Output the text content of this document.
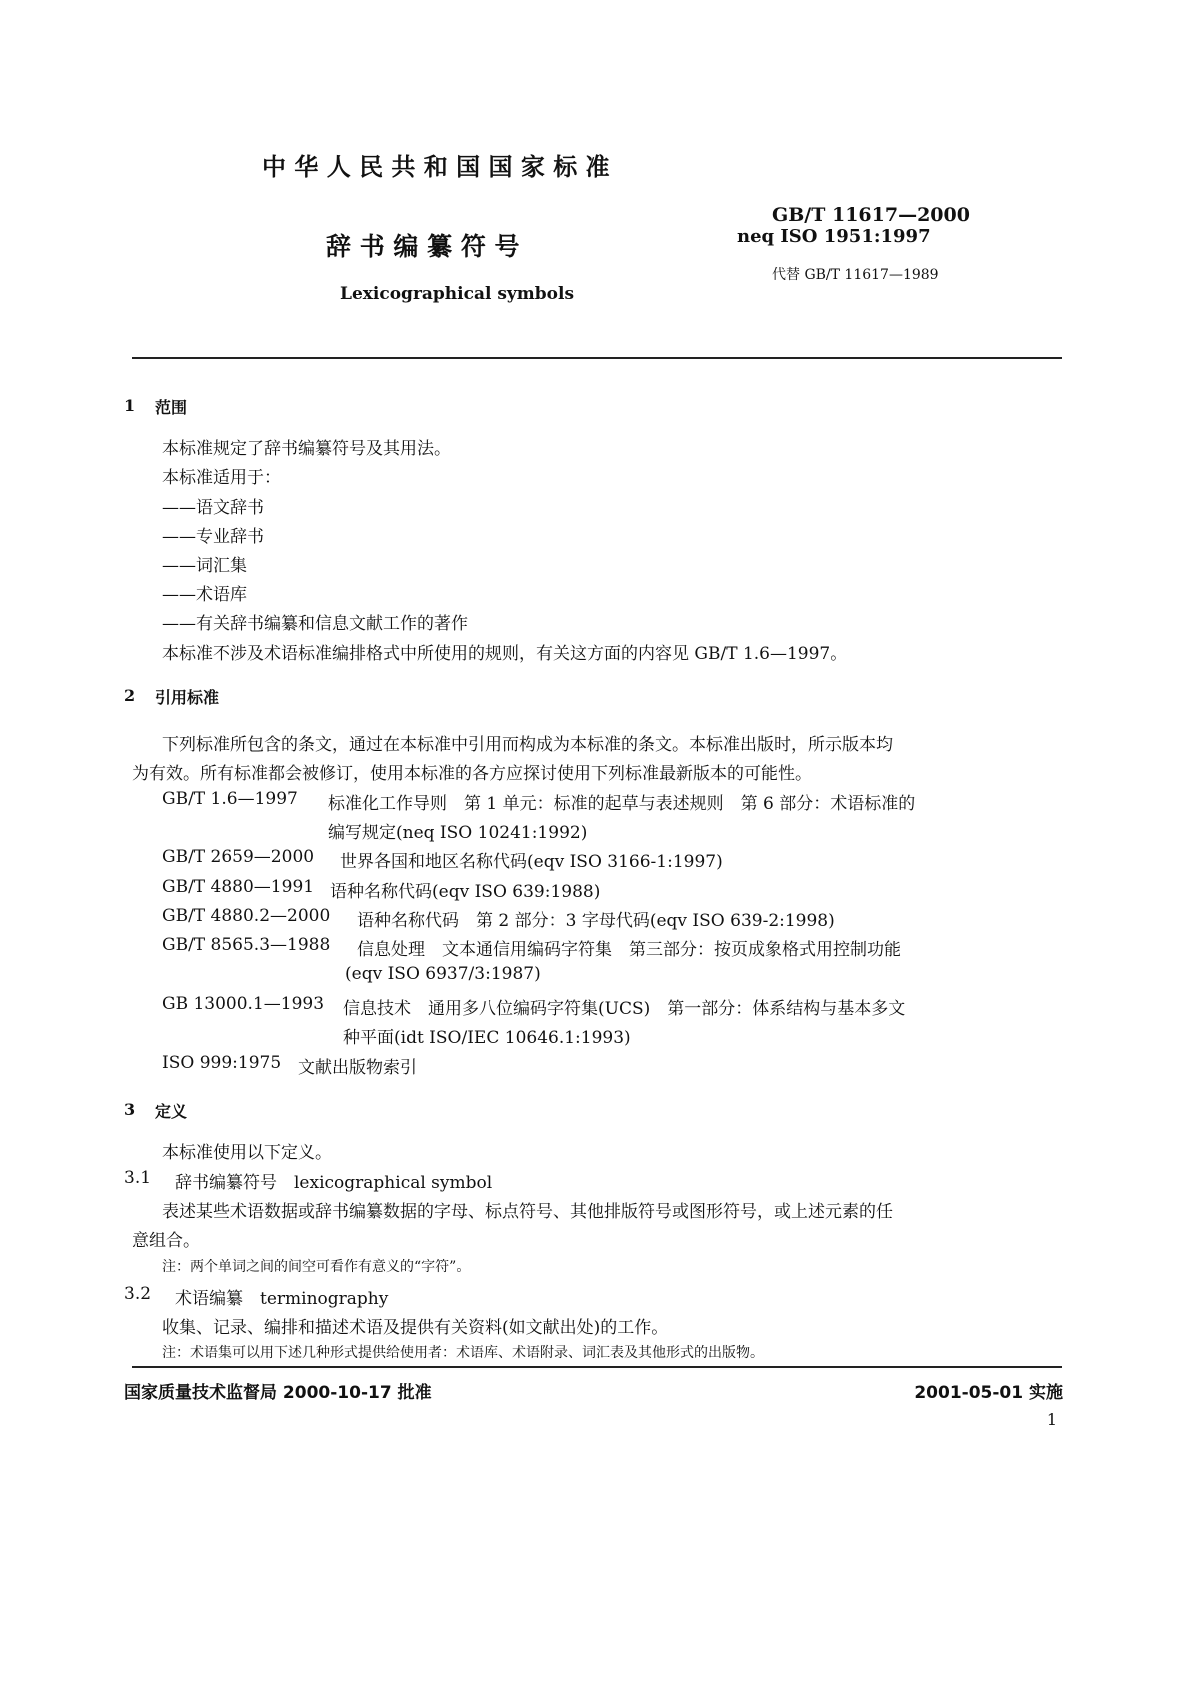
中 华 人 民 共 和 国 国 家 标 准
辞 书 编 纂 符 号
Lexicographical symbols
GB/T 11617—2000
neq ISO 1951:1997
代替 GB/T 11617—1989
1 范围
本标准规定了辞书编纂符号及其用法。
本标准适用于：
——语文辞书
——专业辞书
——词汇集
——术语库
——有关辞书编纂和信息文献工作的著作
本标准不涉及术语标准编排格式中所使用的规则，有关这方面的内容见 GB/T 1.6—1997。
2 引用标准
下列标准所包含的条文，通过在本标准中引用而构成为本标准的条文。本标准出版时，所示版本均
为有效。所有标准都会被修订，使用本标准的各方应探讨使用下列标准最新版本的可能性。
GB/T 1.6—1997 标准化工作导则　第 1 单元：标准的起草与表述规则　第 6 部分：术语标准的
编写规定(neq ISO 10241:1992)
GB/T 2659—2000 世界各国和地区名称代码(eqv ISO 3166-1:1997)
GB/T 4880—1991 语种名称代码(eqv ISO 639:1988)
GB/T 4880.2—2000 语种名称代码　第 2 部分：3 字母代码(eqv ISO 639-2:1998)
GB/T 8565.3—1988 信息处理　文本通信用编码字符集　第三部分：按页成象格式用控制功能
(eqv ISO 6937/3:1987)
GB 13000.1—1993 信息技术　通用多八位编码字符集(UCS)　第一部分：体系结构与基本多文
种平面(idt ISO/IEC 10646.1:1993)
ISO 999:1975 文献出版物索引
3 定义
本标准使用以下定义。
3.1 辞书编纂符号　lexicographical symbol
表述某些术语数据或辞书编纂数据的字母、标点符号、其他排版符号或图形符号，或上述元素的任
意组合。
注：两个单词之间的间空可看作有意义的“字符”。
3.2 术语编纂　terminography
收集、记录、编排和描述术语及提供有关资料(如文献出处)的工作。
注：术语集可以用下述几种形式提供给使用者：术语库、术语附录、词汇表及其他形式的出版物。
国家质量技术监督局 2000-10-17 批准	2001-05-01 实施
1
